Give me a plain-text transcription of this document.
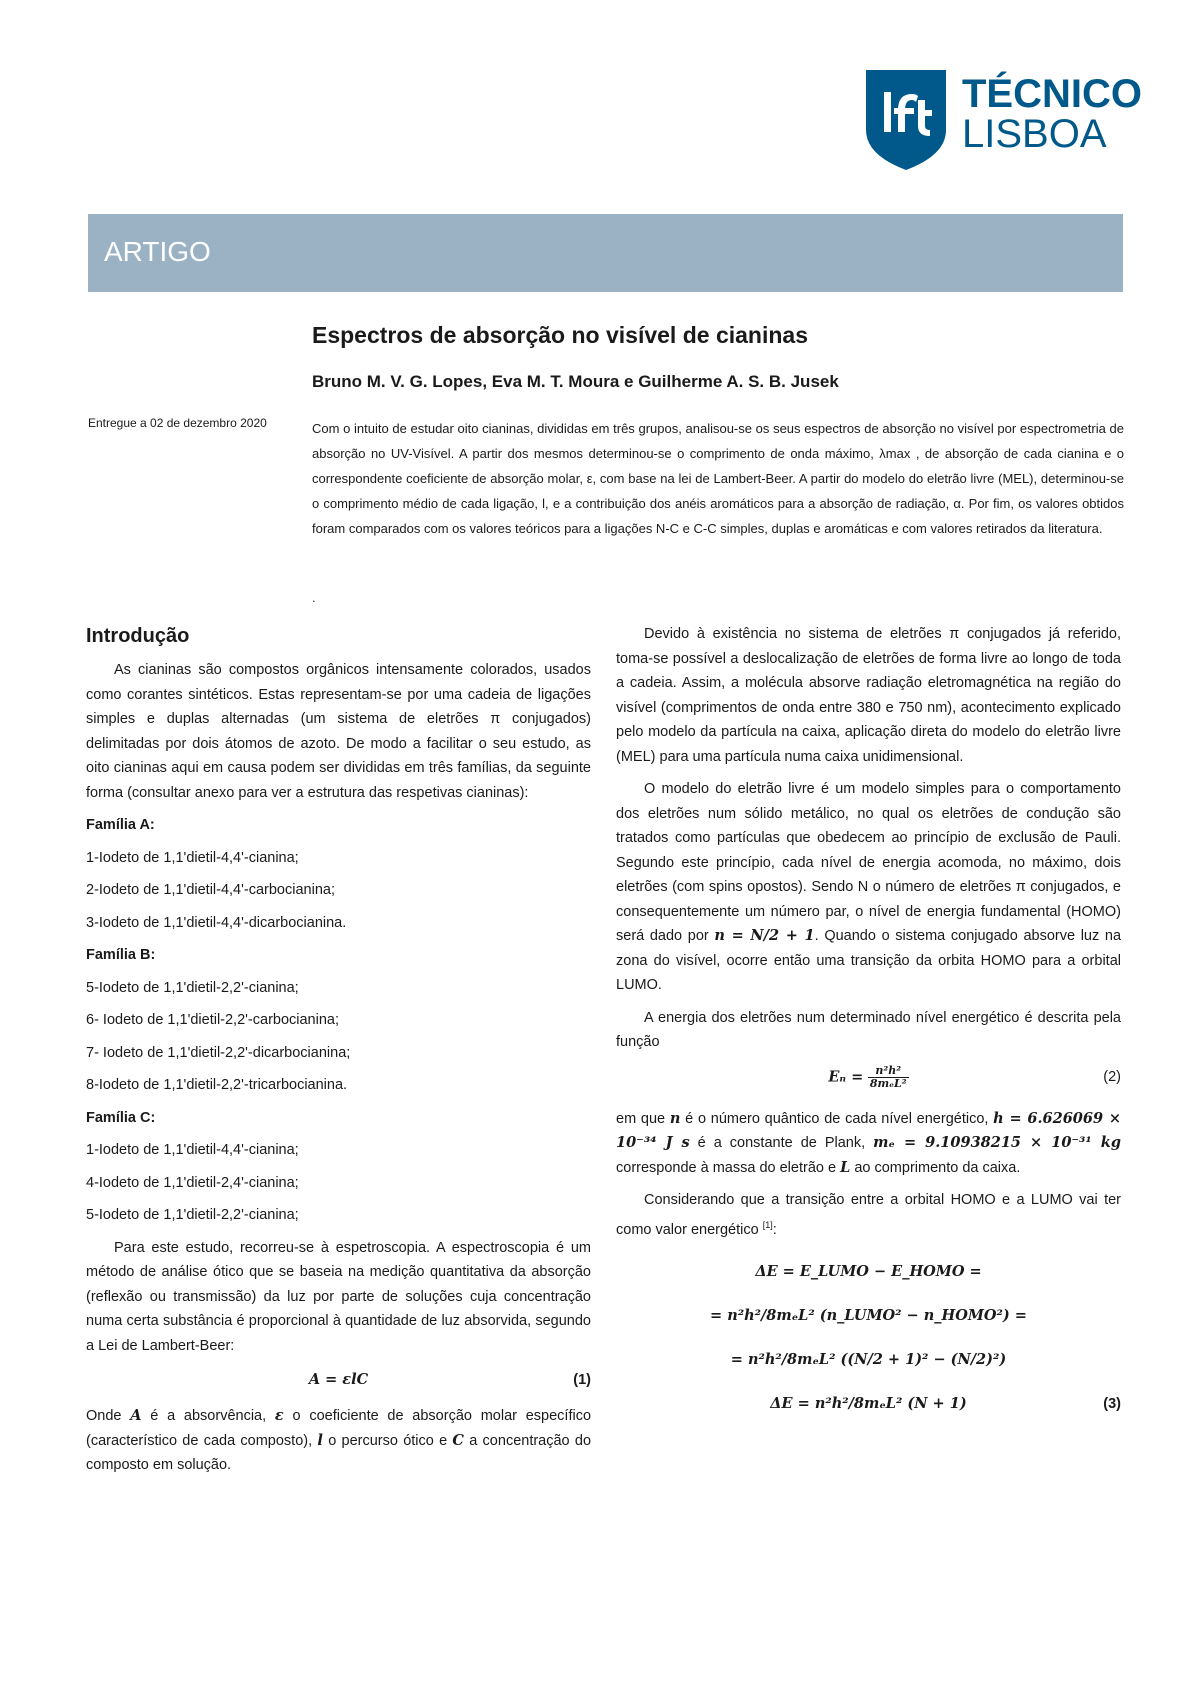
TÉCNICO
LISBOA
ARTIGO
Espectros de absorção no visível de cianinas
Bruno M. V. G. Lopes, Eva M. T. Moura e Guilherme A. S. B. Jusek
Entregue a 02 de dezembro 2020	Com o intuito de estudar oito cianinas, divididas em três grupos, analisou-se os seus espectros de absorção no visível por espectrometria de absorção no UV-Visível. A partir dos mesmos determinou-se o comprimento de onda máximo, λmax , de absorção de cada cianina e o correspondente coeficiente de absorção molar, ε, com base na lei de Lambert-Beer. A partir do modelo do eletrão livre (MEL), determinou-se o comprimento médio de cada ligação, l, e a contribuição dos anéis aromáticos para a absorção de radiação, α. Por fim, os valores obtidos foram comparados com os valores teóricos para a ligações N-C e C-C simples, duplas e aromáticas e com valores retirados da literatura.
.
Introdução

As cianinas são compostos orgânicos intensamente colorados, usados como corantes sintéticos. Estas representam-se por uma cadeia de ligações simples e duplas alternadas (um sistema de eletrões π conjugados) delimitadas por dois átomos de azoto. De modo a facilitar o seu estudo, as oito cianinas aqui em causa podem ser divididas em três famílias, da seguinte forma (consultar anexo para ver a estrutura das respetivas cianinas):

Família A:

1-Iodeto de 1,1'dietil-4,4'-cianina;

2-Iodeto de 1,1'dietil-4,4'-carbocianina;

3-Iodeto de 1,1'dietil-4,4'-dicarbocianina.

Família B:

5-Iodeto de 1,1'dietil-2,2'-cianina;

6- Iodeto de 1,1'dietil-2,2'-carbocianina;

7- Iodeto de 1,1'dietil-2,2'-dicarbocianina;

8-Iodeto de 1,1'dietil-2,2'-tricarbocianina.

Família C:

1-Iodeto de 1,1'dietil-4,4'-cianina;

4-Iodeto de 1,1'dietil-2,4'-cianina;

5-Iodeto de 1,1'dietil-2,2'-cianina;

Para este estudo, recorreu-se à espetroscopia. A espectroscopia é um método de análise ótico que se baseia na medição quantitativa da absorção (reflexão ou transmissão) da luz por parte de soluções cuja concentração numa certa substância é proporcional à quantidade de luz absorvida, segundo a Lei de Lambert-Beer:

A = εlC	(1)

Onde A é a absorvência, ε o coeficiente de absorção molar específico (característico de cada composto), l o percurso ótico e C a concentração do composto em solução.

Devido à existência no sistema de eletrões π conjugados já referido, toma-se possível a deslocalização de eletrões de forma livre ao longo de toda a cadeia. Assim, a molécula absorve radiação eletromagnética na região do visível (comprimentos de onda entre 380 e 750 nm), acontecimento explicado pelo modelo da partícula na caixa, aplicação direta do modelo do eletrão livre (MEL) para uma partícula numa caixa unidimensional.

O modelo do eletrão livre é um modelo simples para o comportamento dos eletrões num sólido metálico, no qual os eletrões de condução são tratados como partículas que obedecem ao princípio de exclusão de Pauli. Segundo este princípio, cada nível de energia acomoda, no máximo, dois eletrões (com spins opostos). Sendo N o número de eletrões π conjugados, e consequentemente um número par, o nível de energia fundamental (HOMO) será dado por n = N/2 + 1. Quando o sistema conjugado absorve luz na zona do visível, ocorre então uma transição da orbita HOMO para a orbital LUMO.

A energia dos eletrões num determinado nível energético é descrita pela função

$E_n = \frac{\text{n²h²}}{\text{8mₑL²}}$	(2)

em que n é o número quântico de cada nível energético, h = 6.626069 × 10⁻³⁴ J s é a constante de Plank, mₑ = 9.10938215 × 10⁻³¹ kg corresponde à massa do eletrão e L ao comprimento da caixa.

Considerando que a transição entre a orbital HOMO e a LUMO vai ter como valor energético [1]:

ΔE = E_LUMO − E_HOMO =
= n²h²/8mₑL² (n_LUMO² − n_HOMO²) =
= n²h²/8mₑL² ((N/2 + 1)² − (N/2)²)
ΔE = n²h²/8mₑL² (N + 1)	(3)
